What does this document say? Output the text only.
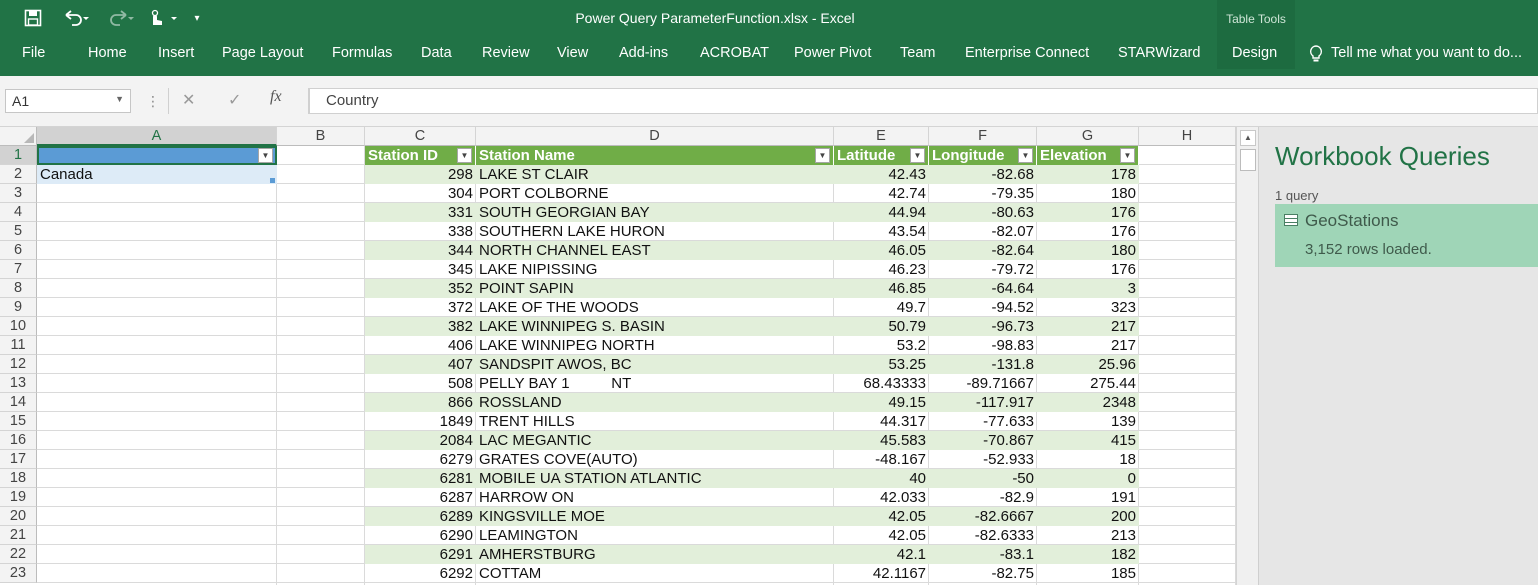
▾	Power Query ParameterFunction.xlsx - Excel	Table Tools
File	Home Insert Page Layout Formulas Data Review View Add-ins ACROBAT Power Pivot Team Enterprise Connect STARWizard Design	Tell me what you want to do...
A1	▼ ⋮ ✕ ✓ fx	Country
A	B	C	D	E	F	G	H
1
2
3
4
5
6
7
8
9
10
11
12
13
14
15
16
17
18
19
20
21
22
23
Station ID	▼ Station Name	▼ Latitude	▼ Longitude	▼ Elevation	▼
298 LAKE ST CLAIR	42.43	-82.68	178
304 PORT COLBORNE	42.74	-79.35	180
331 SOUTH GEORGIAN BAY	44.94	-80.63	176
338 SOUTHERN LAKE HURON	43.54	-82.07	176
344 NORTH CHANNEL EAST	46.05	-82.64	180
345 LAKE NIPISSING	46.23	-79.72	176
352 POINT SAPIN	46.85	-64.64	3
372 LAKE OF THE WOODS	49.7	-94.52	323
382 LAKE WINNIPEG S. BASIN	50.79	-96.73	217
406 LAKE WINNIPEG NORTH	53.2	-98.83	217
407 SANDSPIT AWOS, BC	53.25	-131.8	25.96
508 PELLY BAY 1          NT	68.43333	-89.71667	275.44
866 ROSSLAND	49.15	-117.917	2348
1849 TRENT HILLS	44.317	-77.633	139
2084 LAC MEGANTIC	45.583	-70.867	415
6279 GRATES COVE(AUTO)	-48.167	-52.933	18
6281 MOBILE UA STATION ATLANTIC	40	-50	0
6287 HARROW ON	42.033	-82.9	191
6289 KINGSVILLE MOE	42.05	-82.6667	200
6290 LEAMINGTON	42.05	-82.6333	213
6291 AMHERSTBURG	42.1	-83.1	182
6292 COTTAM	42.1167	-82.75	185

▼
Canada
▲
Workbook Queries
1 query
GeoStations
3,152 rows loaded.
